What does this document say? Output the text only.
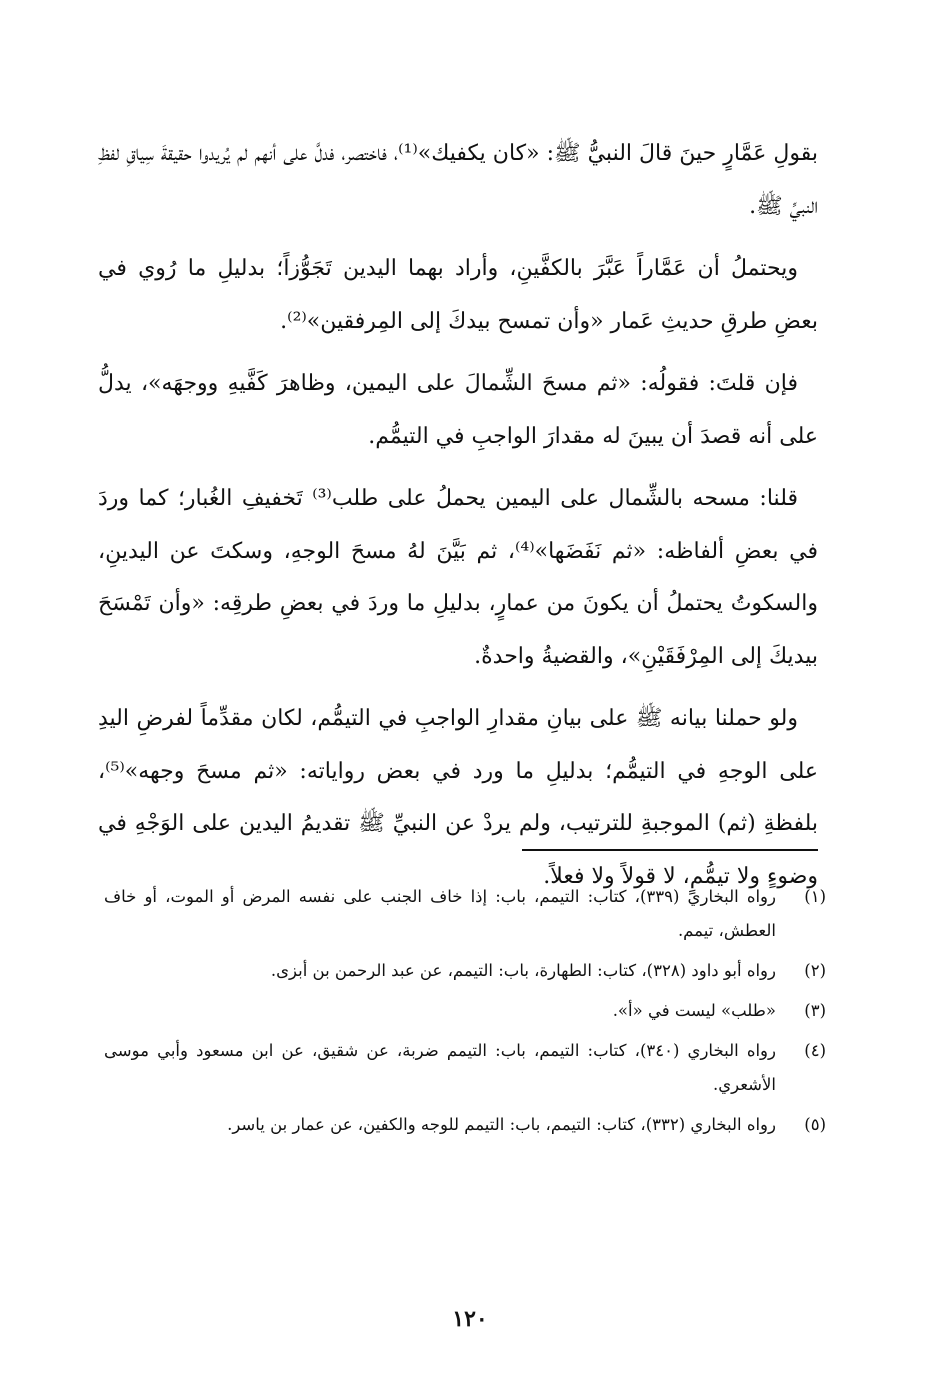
بقولِ عَمَّارٍ حينَ قالَ النبيُّ ﷺ: «كان يكفيك»⁽¹⁾، فاختصر، فدلَّ على أنهم لم يُريدوا حقيقةَ سِياقِ لفظِ النبيِّ ﷺ.

ويحتملُ أن عَمَّاراً عَبَّرَ بالكفَّينِ، وأراد بهما اليدين تَجَوُّزاً؛ بدليلِ ما رُوي في بعضِ طرقِ حديثِ عَمار «وأن تمسح بيدكَ إلى المِرفقين»⁽²⁾.

فإن قلتَ: فقولُه: «ثم مسحَ الشِّمالَ على اليمين، وظاهرَ كَفَّيهِ ووجهَه»، يدلُّ على أنه قصدَ أن يبينَ له مقدارَ الواجبِ في التيمُّم.

قلنا: مسحه بالشِّمال على اليمين يحملُ على طلب⁽³⁾ تَخفيفِ الغُبار؛ كما وردَ في بعضِ ألفاظه: «ثم نَفَضَها»⁽⁴⁾، ثم بَيَّنَ لهُ مسحَ الوجهِ، وسكتَ عن اليدينِ، والسكوتُ يحتملُ أن يكونَ من عمارٍ، بدليلِ ما وردَ في بعضِ طرقِه: «وأن تَمْسَحَ بيديكَ إلى المِرْفَقَيْنِ»، والقضيةُ واحدةٌ.

ولو حملنا بيانه ﷺ على بيانِ مقدارِ الواجبِ في التيمُّم، لكان مقدِّماً لفرضِ اليدِ على الوجهِ في التيمُّم؛ بدليلِ ما ورد في بعض رواياته: «ثم مسحَ وجهه»⁽⁵⁾، بلفظةِ (ثم) الموجبةِ للترتيب، ولم يردْ عن النبيِّ ﷺ تقديمُ اليدين على الوَجْهِ في وضوءٍ ولا تيمُّمٍ، لا قولاً ولا فعلاً.

(١)
رواه البخاري (٣٣٩)، كتاب: التيمم، باب: إذا خاف الجنب على نفسه المرض أو الموت، أو خاف العطش، تيمم.
(٢)
رواه أبو داود (٣٢٨)، كتاب: الطهارة، باب: التيمم، عن عبد الرحمن بن أبزى.
(٣)
«طلب» ليست في «أ».
(٤)
رواه البخاري (٣٤٠)، كتاب: التيمم، باب: التيمم ضربة، عن شقيق، عن ابن مسعود وأبي موسى الأشعري.
(٥)
رواه البخاري (٣٣٢)، كتاب: التيمم، باب: التيمم للوجه والكفين، عن عمار بن ياسر.
١٢٠
